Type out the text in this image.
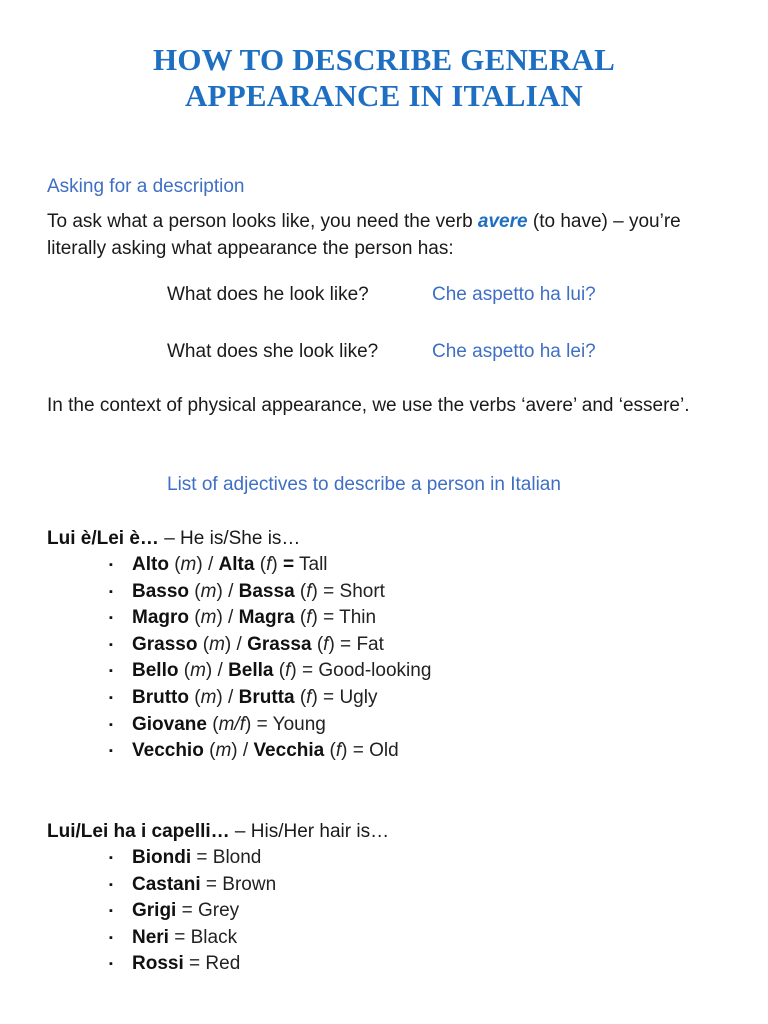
HOW TO DESCRIBE GENERAL
APPEARANCE IN ITALIAN
Asking for a description
To ask what a person looks like, you need the verb avere (to have) – you’re literally asking what appearance the person has:
What does he look like?	Che aspetto ha lui?
What does she look like?	Che aspetto ha lei?
In the context of physical appearance, we use the verbs ‘avere’ and ‘essere’.
List of adjectives to describe a person in Italian
Lui è/Lei è… – He is/She is…
▪ Alto (m) / Alta (f) = Tall
▪ Basso (m) / Bassa (f) = Short
▪ Magro (m) / Magra (f) = Thin
▪ Grasso (m) / Grassa (f) = Fat
▪ Bello (m) / Bella (f) = Good-looking
▪ Brutto (m) / Brutta (f) = Ugly
▪ Giovane (m/f) = Young
▪ Vecchio (m) / Vecchia (f) = Old
Lui/Lei ha i capelli… – His/Her hair is…
▪ Biondi = Blond
▪ Castani = Brown
▪ Grigi = Grey
▪ Neri = Black
▪ Rossi = Red
